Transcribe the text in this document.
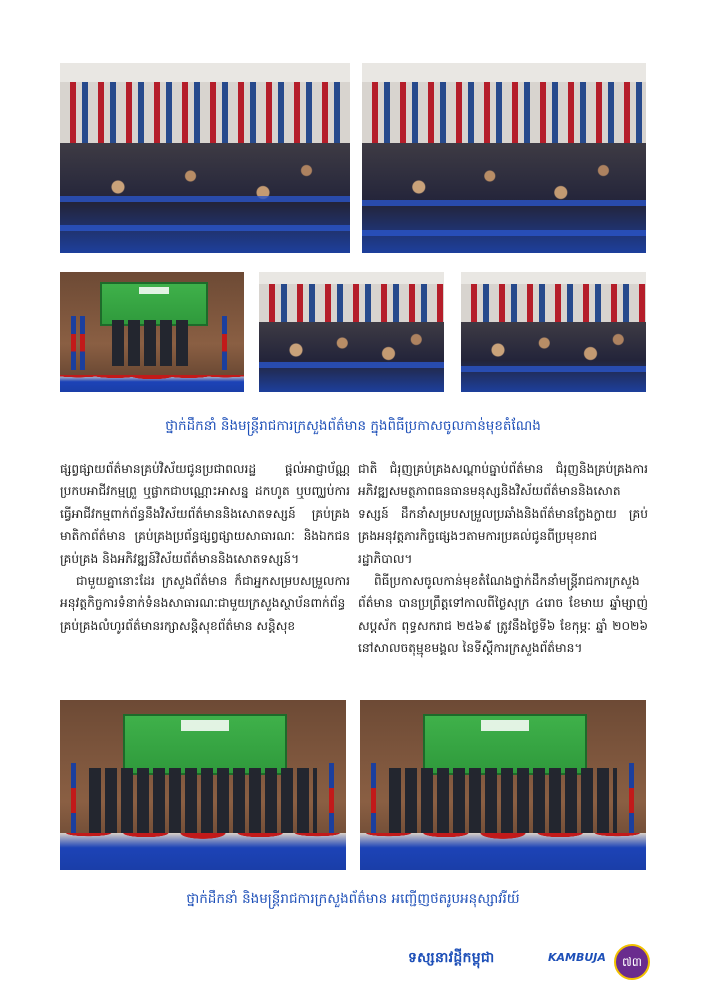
ថ្នាក់ដឹកនាំ និងមន្ត្រីរាជការក្រសួងព័ត៌មាន ក្នុងពិធីប្រកាសចូលកាន់មុខតំណែង

ផ្សព្វផ្សាយព័ត៌មានគ្រប់វិស័យជូនប្រជាពលរដ្ឋ ផ្តល់អាជ្ញាប័ណ្ណ ប្រកបអាជីវកម្មព្រួ ឬផ្លាកជាបណ្ណោះអាសន្ន ដកហូត ឬបញ្ឈប់ការធ្វើអាជីវកម្មពាក់ព័ន្ធនឹងវិស័យព័ត៌មាននិងសោតទស្សន៍ គ្រប់គ្រងមាតិកាព័ត៌មាន គ្រប់គ្រងប្រព័ន្ធផ្សព្វផ្សាយសាធារណៈ និងឯកជន គ្រប់គ្រង និងអភិវឌ្ឍន៍វិស័យព័ត៌មាននិងសោតទស្សន៍។

ជាមួយគ្នានោះដែរ ក្រសួងព័ត៌មាន ក៏ជាអ្នកសម្របសម្រួលការអនុវត្តកិច្ចការទំនាក់ទំនងសាធារណៈជាមួយក្រសួងស្ថាប័នពាក់ព័ន្ធ គ្រប់គ្រងលំហូរព័ត៌មានរក្សាសន្តិសុខព័ត៌មាន សន្តិសុខ

ជាតិ ជំរុញគ្រប់គ្រងសណ្តាប់ធ្នាប់ព័ត៌មាន ជំរុញនិងគ្រប់គ្រងការអភិវឌ្ឍសមត្ថភាពធនធានមនុស្សនិងវិស័យព័ត៌មាននិងសោតទស្សន៍ ដឹកនាំសម្របសម្រួលប្រឆាំងនិងព័ត៌មានក្លែងក្លាយ គ្រប់គ្រងអនុវត្តភារកិច្ចផ្សេងៗតាមការប្រគល់ជូនពីប្រមុខរាជរដ្ឋាភិបាល។

ពិធីប្រកាសចូលកាន់មុខតំណែងថ្នាក់ដឹកនាំមន្ត្រីរាជការក្រសួងព័ត៌មាន បានប្រព្រឹត្តទៅកាលពីថ្ងៃសុក្រ ៤រោច ខែមាឃ ឆ្នាំម្សាញ់ សប្តស័ក ពុទ្ធសករាជ ២៥៦៩ ត្រូវនឹងថ្ងៃទី៦ ខែកុម្ភៈ ឆ្នាំ ២០២៦ នៅសាលចតុម្មុខមង្គល នៃទីស្តីការក្រសួងព័ត៌មាន។

ថ្នាក់ដឹកនាំ និងមន្ត្រីរាជការក្រសួងព័ត៌មាន អញ្ជើញថតរូបអនុស្សាវរីយ៍
ទស្សនាវដ្តីកម្ពុជា	KAMBUJA	៧៣
